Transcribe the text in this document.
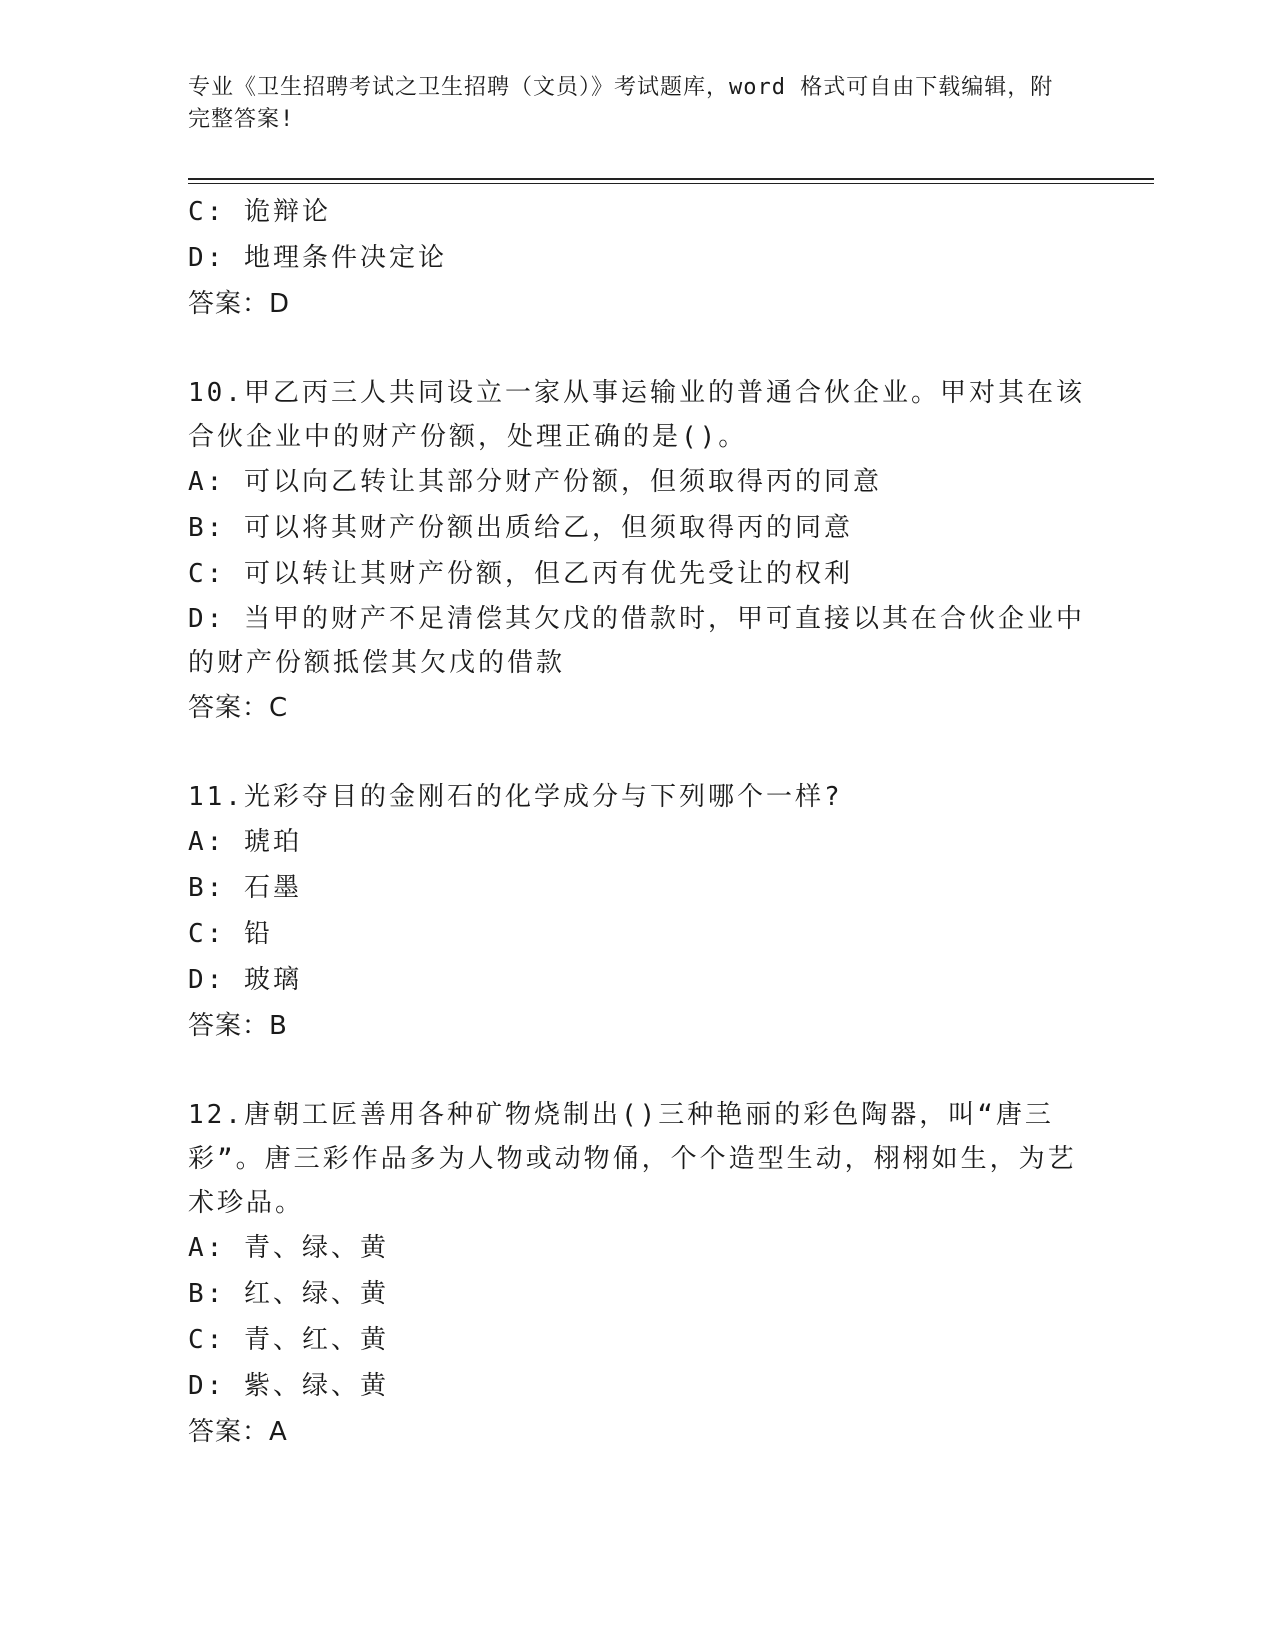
专业《卫生招聘考试之卫生招聘（文员）》考试题库，word 格式可自由下载编辑，附完整答案!
C: 诡辩论
D: 地理条件决定论
答案：D
10.甲乙丙三人共同设立一家从事运输业的普通合伙企业。甲对其在该合伙企业中的财产份额，处理正确的是()。
A: 可以向乙转让其部分财产份额，但须取得丙的同意
B: 可以将其财产份额出质给乙，但须取得丙的同意
C: 可以转让其财产份额，但乙丙有优先受让的权利
D: 当甲的财产不足清偿其欠戊的借款时，甲可直接以其在合伙企业中的财产份额抵偿其欠戊的借款
答案：C
11.光彩夺目的金刚石的化学成分与下列哪个一样?
A: 琥珀
B: 石墨
C: 铅
D: 玻璃
答案：B
12.唐朝工匠善用各种矿物烧制出()三种艳丽的彩色陶器，叫“唐三彩”。唐三彩作品多为人物或动物俑，个个造型生动，栩栩如生，为艺术珍品。
A: 青、绿、黄
B: 红、绿、黄
C: 青、红、黄
D: 紫、绿、黄
答案：A
